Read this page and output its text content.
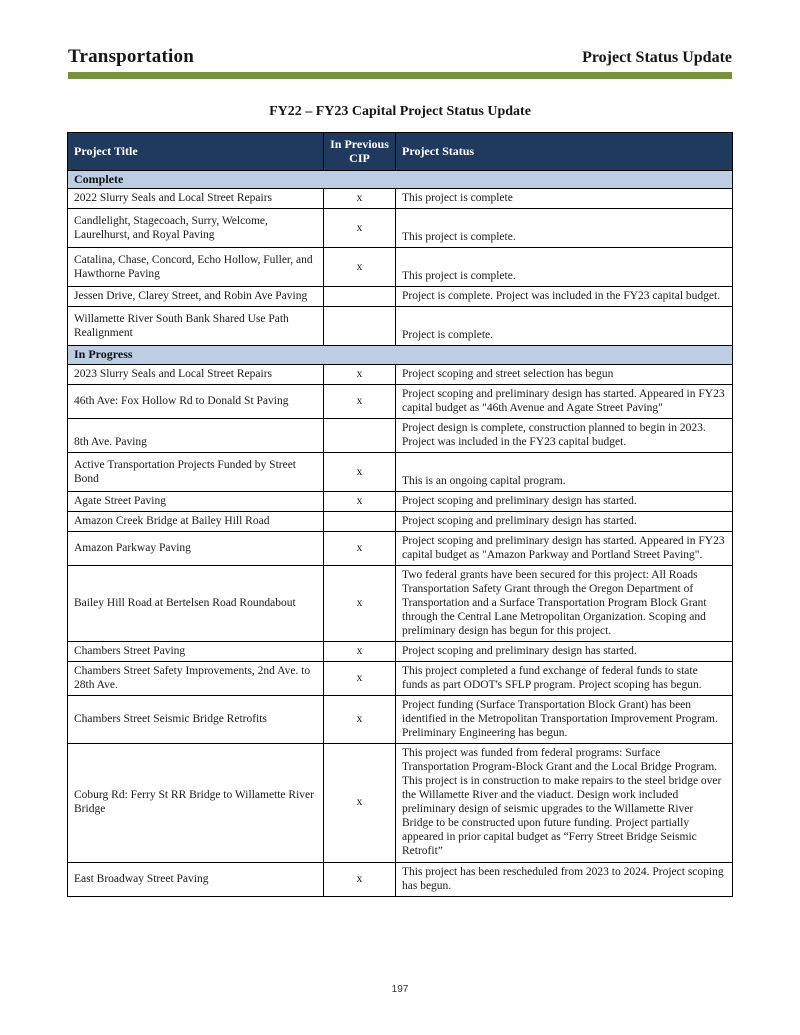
Transportation	Project Status Update
FY22 – FY23 Capital Project Status Update
Project Title	In Previous CIP	Project Status
Complete		
2022 Slurry Seals and Local Street Repairs	x	This project is complete
Candlelight, Stagecoach, Surry, Welcome, Laurelhurst, and Royal Paving	x	This project is complete.
Catalina, Chase, Concord, Echo Hollow, Fuller, and Hawthorne Paving	x	This project is complete.
Jessen Drive, Clarey Street, and Robin Ave Paving		Project is complete. Project was included in the FY23 capital budget.
Willamette River South Bank Shared Use Path Realignment		Project is complete.
In Progress		
2023 Slurry Seals and Local Street Repairs	x	Project scoping and street selection has begun
46th Ave: Fox Hollow Rd to Donald St Paving	x	Project scoping and preliminary design has started. Appeared in FY23 capital budget as "46th Avenue and Agate Street Paving"
8th Ave. Paving		Project design is complete, construction planned to begin in 2023. Project was included in the FY23 capital budget.
Active Transportation Projects Funded by Street Bond	x	This is an ongoing capital program.
Agate Street Paving	x	Project scoping and preliminary design has started.
Amazon Creek Bridge at Bailey Hill Road		Project scoping and preliminary design has started.
Amazon Parkway Paving	x	Project scoping and preliminary design has started. Appeared in FY23 capital budget as "Amazon Parkway and Portland Street Paving".
Bailey Hill Road at Bertelsen Road Roundabout	x	Two federal grants have been secured for this project: All Roads Transportation Safety Grant through the Oregon Department of Transportation and a Surface Transportation Program Block Grant through the Central Lane Metropolitan Organization. Scoping and preliminary design has begun for this project.
Chambers Street Paving	x	Project scoping and preliminary design has started.
Chambers Street Safety Improvements, 2nd Ave. to 28th Ave.	x	This project completed a fund exchange of federal funds to state funds as part ODOT's SFLP program. Project scoping has begun.
Chambers Street Seismic Bridge Retrofits	x	Project funding (Surface Transportation Block Grant) has been identified in the Metropolitan Transportation Improvement Program. Preliminary Engineering has begun.
Coburg Rd: Ferry St RR Bridge to Willamette River Bridge	x	This project was funded from federal programs: Surface Transportation Program-Block Grant and the Local Bridge Program. This project is in construction to make repairs to the steel bridge over the Willamette River and the viaduct. Design work included preliminary design of seismic upgrades to the Willamette River Bridge to be constructed upon future funding. Project partially appeared in prior capital budget as “Ferry Street Bridge Seismic Retrofit”
East Broadway Street Paving	x	This project has been rescheduled from 2023 to 2024. Project scoping has begun.
197
